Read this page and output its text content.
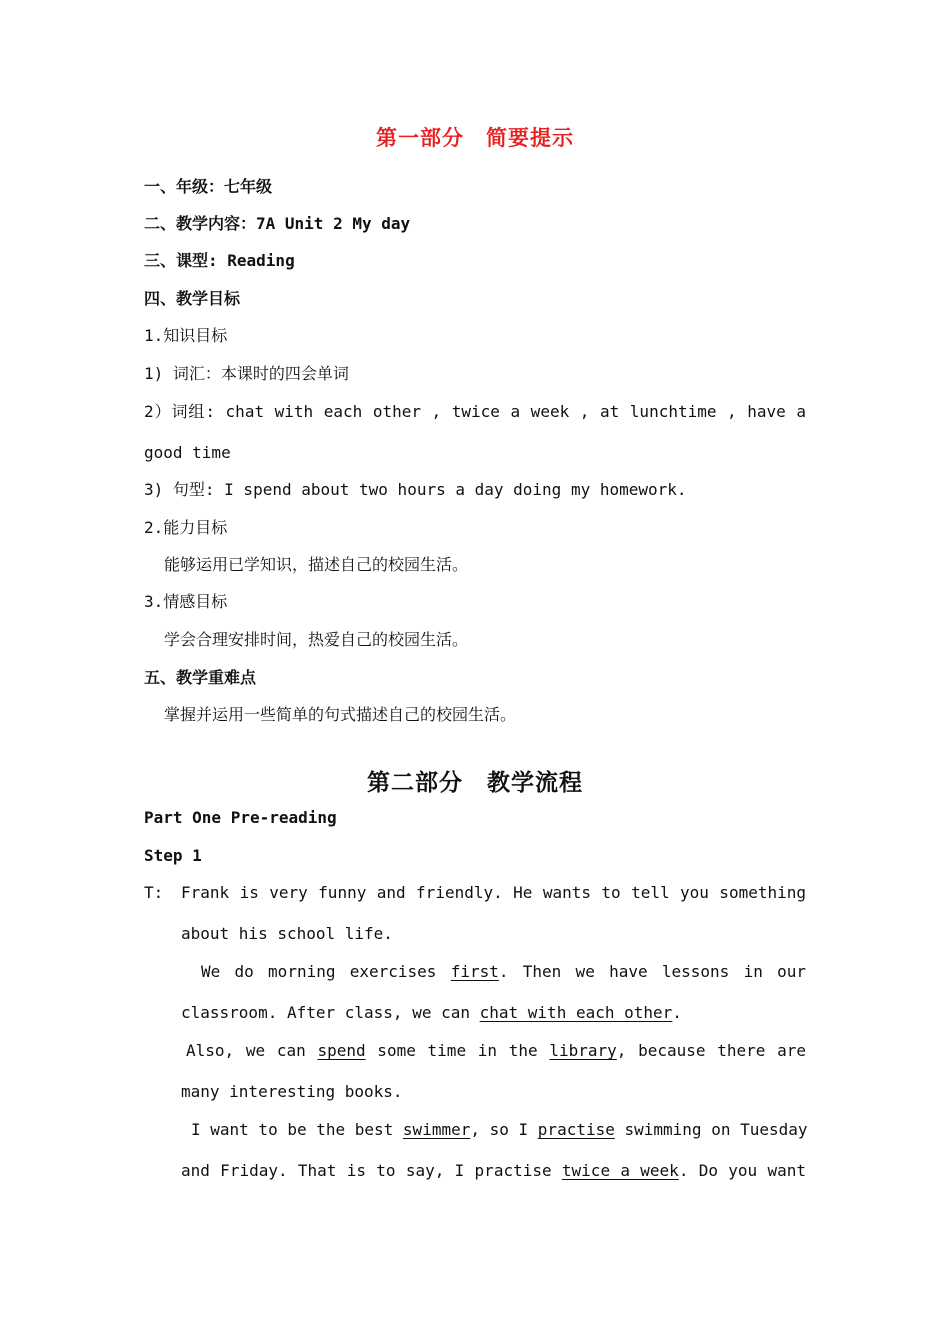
第一部分　简要提示
一、年级：七年级
二、教学内容：7A Unit 2 My day
三、课型: Reading
四、教学目标
1.知识目标
1) 词汇：本课时的四会单词
2）词组: chat with each other , twice a week , at lunchtime , have a
good time
3) 句型: I spend about two hours a day doing my homework.
2.能力目标
能够运用已学知识，描述自己的校园生活。
3.情感目标
学会合理安排时间，热爱自己的校园生活。
五、教学重难点
掌握并运用一些简单的句式描述自己的校园生活。
第二部分　教学流程
Part One Pre-reading
Step 1
T: Frank is very funny and friendly. He wants to tell you something
about his school life.
We do morning exercises first. Then we have lessons in our
classroom. After class, we can chat with each other.
Also, we can spend some time in the library, because there are
many interesting books.
I want to be the best swimmer, so I practise swimming on Tuesday
and Friday. That is to say, I practise twice a week. Do you want
